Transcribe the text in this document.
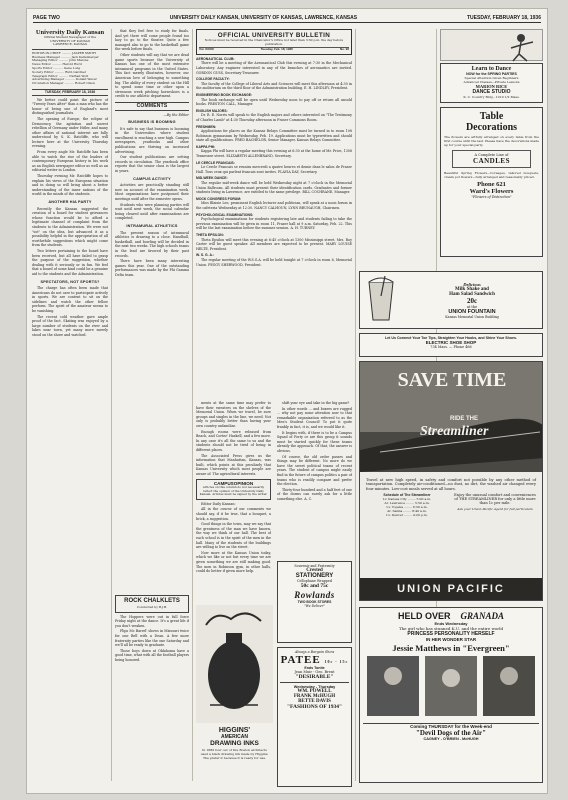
PAGE TWO	UNIVERSITY DAILY KANSAN, UNIVERSITY OF KANSAS, LAWRENCE, KANSAS	TUESDAY, FEBRUARY 18, 1936
University Daily Kansan
Official Student Newspaper of the
UNIVERSITY OF KANSAS
LAWRENCE, KANSAS
EDITOR-IN-CHIEF .......... JASPER SMITH
Business Manager .......... Jack Kellenberger
Managing Editor .......... John Malone
News Editor .......... Harold Hurd
Sports Editor .......... Gene Long
Society Editor .......... Ruth Gardner
Telegraph Editor .......... Nathan Wolf
Advertising Manager .......... Donald Wever
Circulation Manager .......... Robert Olson
TUESDAY, FEBRUARY 18, 1936

We better could point the picture of "Twenty Years After" than a man who has the honor of being one of England's most distinguished journalists.

The opening of Europe, the eclipse of Democracy, the agitation and unrest rebellion of Germany under Hitler, and many other affairs of national interest are fully understood by S. K. Ratcliffe, who will lecture here at the University Thursday evening.

From every angle Mr. Ratcliffe has been able to watch the rise of the leaders of contemporary European history in his work as an English newspaper editor as well as an editorial writer in London.

Thursday evening Mr. Ratcliffe hopes to explain his views of the European situation and in doing so will bring about a better understanding of the inner nations of the world in the minds of the students.

ANOTHER HIA PARTY

Recently the Kansan suggested the creation of a board for student grievances whose function would be to afford a legitimate channel of complaint from the students to the Administration. We were not "sot" on the idea, but advanced it as a possibility helpful in the appropriation of all worthwhile suggestions which might come from the students.

Two letters pertaining to the board have been received, but all have failed to grasp the purpose of the suggestion, whether dealing with it seriously or in fun. We feel that a board of some kind could be a genuine aid to the students and the Administration.

SPECTATORS, NOT SPORTS?

The charge has often been made that Americans do not care to participate actively in sports. We are content to sit on the sidelines and watch the other fellow perform. The spirit of the amateur seems to be vanishing.

The recent cold weather gave ample proof of the fact. Skating was enjoyed by a large number of students on the river and lakes near town, yet many more merely stood on the shore and watched.

that they feel free to study for finals. And yet there will come people found too lazy to go to the theater. Quite a few managed also to go to the basketball game the week before finals.

Other students will say that we are dead game sports because the University of Kansas has one of the most extensive intramural programs in the United States. This fact merely illustrates, however, our American love of belonging to something big. The ability of every student on the Hill to spend some time or other upon a strenuous week pitching horseshoes is a credit to our athletic department.

COMMENTS
—By the Editor
BUSINESS IS BOOMING

It's safe to say that business is booming in the Universities where student enrollment is reaching a new high. Campus newspapers, yearbooks and other publications are thriving on increased advertising.

Our student publications are setting records in circulation. The yearbook office reports that the senior class is the largest in years.

CAMPUS ACTIVITY

Activities are practically standing still now on account of the examination week. Most organizations have postponed their meetings until after the semester opens.

Students who were planning parties will wait until next week, the social calendar being cleared until after examinations are completed.

INTRAMURAL ATHLETICS

The present season of intramural athletics is drawing to a close. Handball, basketball, and bowling will be decided in the next two weeks. The high schools teams in the lead are favored by their past records.

There have been many interesting games this year. One of the outstanding performances was made by the Phi Gamma Delta team.

ROCK CHALKLETS
Conducted by B.J.B.

The Hoppers were out in full force Friday night at the dance. It's a great life if you don't weaken.

Flips Mc Barrel' shows in Missouri twice for one Bell with a Dean. A few more fraternity parties like the one Saturday and we'll all be ready to graduate.

Those boys down at Oklahoma have a good time, what with all the football players being honored.

OFFICIAL UNIVERSITY BULLETIN
Notices must be received in the Chancellor's Office not later than 3:30 p.m. the day before publication.
Vol. XXXIII	Tuesday, Feb. 18, 1936	No. 96
AERONAUTICAL CLUB:
There will be a meeting of the Aeronautical Club this evening at 7:30 in the Mechanical Laboratory. Any engineer interested in any of the branches of aeronautics are invited. GORDON GUSS, Secretary-Treasurer.
COLLEGE FACULTY:
The faculty of the College of Liberal Arts and Sciences will meet this afternoon at 4:30 in the auditorium on the third floor of the Administration building. E. H. LINDLEY, President.
ENGINEERING BOOK EXCHANGE:
The book exchange will be open until Wednesday noon to pay off or return all unsold books. PRESTON CALL, Manager.
ENGLISH MAJORS:
Dr. R. E. Norris will speak to the English majors and others interested on "The Testimony of Charles Lamb" at 4:30 Thursday afternoon in Fraser Commons Room.
FRESHMEN:
Applications for places on the Kansas Relays Committee must be turned in to room 108 Robinson gymnasium by Wednesday, Feb. 19. Applications must be typewritten and should state all qualifications. FRED BACHELOR, Senior Manager, Kansas Relays Committee.
KAPPA PHI:
Kappa Phi will have a regular meeting this evening at 6:30 at the home of Mr. Price, 1308 Tennessee street. ELIZABETH ALLENBRAND, Secretary.
LE CERCLE FRANCAIS:
Le Cercle Francais se reunira mercredi a quatre heures et demie dans le salon de Fraser Hall. Tous ceux qui parlent francais sont invites. FLAVIA DAY, Secretary.
MID-WEEK DANCE:
The regular mid-week dance will be held Wednesday night at 7 o'clock in the Memorial Union Ballroom. All students must present their identification cards. Graduates and former students living in Lawrence, are entitled to the same privilege. BILL COCHRANE, Manager.
MOCK CONGRESS FORUM:
Miss Blaisie Lee, prominent English lecturer and politician, will speak at a noon forum in the cafeteria Wednesday at 12:30. NANCY CALHOUN, LYNN BRUNAUGH, Chairmen.
PSYCHOLOGICAL EXAMINATIONS:
Psychological examinations for students registering late and students failing to take the previous examination will be given in room 11, Frazer hall at 9 a.m. Saturday, Feb. 22. This will be the last examination before the summer session. A. H. TURNEY.
THETA EPSILON:
Theta Epsilon will meet this evening at 6:45 o'clock at 1300 Mississippi street. Mrs. Roy Carter will be guest speaker. All members are expected to be present. MARY LOUISE HELTE, President.
W. S. G. A.:
The regular meeting of the W.S.G.A. will be held tonight at 7 o'clock in room 6, Memorial Union. PEGGY SHERWOOD, President.

ments at the same time may prefer to have their sweaters on the shelves of the Memorial Union. When we travel, be sure groups and singles in the line, we need. Not only is probably better than having your own country unfamiliar.

Enough rooms were released from Beach, and Cortez' Haskell, and a few more. In any case it's all the same to us and the students should not be tired of being in different places.

The Associated Press gives us the information that Manhattan, Kansas, was built, which points at this peculiarly that Kansas University which most people are aware of. The agricultural interests.

CAMPUSOPINION
Articles on this column do not necessarily reflect the opinion of the University Daily Kansan. Articles must be signed by the writer.

Editor Daily Kansan:

All in the course of our comments we should say, if it be true, that a bouquet, a brick, a suggestion.

Good things in the town, may we say that the greatness of the man we have known, the way we think of our hall. The best of each school is in the spirit of the men in the hall. Many of the students of the buildings are willing to live on the street.

Now more at the Kansas Union today, which we like or not but every time we are given something we are still making good. The men in Robinson gym, in other halls, could do better if given more help.

shift your eye and take in the big game?

In other words ... and boxers are rugged ... why not pay some attention now to that remarkable organization referred to as the Men's Student Council! To put it quite frankly in fact, it is, and we would like it.

It begins with, if there is to be a Campus Squad of Forty or are this group it sounds must be started quickly for these teams already the approach. Of that, the answer is obvious.

Of course, the old order passes and things may be different. No more do we have the sweet political teams of recent years. The student of campus might easily find in the future of campus politics a pair of teams who is readily compare and prefer the election.

Thirty-four hundred and a half feet of one of the dorms can surely ask for a little something else. A. C.

Souvenir and Fraternity
Crested
STATIONERY
Cellophane Wrapped
50c and 75c
Rowlands
TWO BOOK STORES
"We Deliver"
Always a Bargain Show
PATEE 10c - 15c
Ends Tonite
Jean Muir - Geo. Brent
"DESIRABLE"
Wednesday - Thursday
WM. POWELL
FRANK McHUGH
BETTE DAVIS
"FASHIONS OF 1934"
HIGGINS'
AMERICAN
DRAWING INKS
In 1880 four out of five Boston architects used a black drawing ink made by Higgins. The prefer it because it is ready for use.
Learn to Dance
NOW for the SPRING PARTIES
Special Attention Given Beginners
Advanced Classes—Private Lessons
MARION RICE
DANCE STUDIO
K. C. Country Bldg., 1019 1/2 Mass.
Table
Decorations
The flowers are artfully arranged on every table from the first course until the last. Please have the decorations made up for your special party.
A Complete Line of
CANDLES
Beautiful Spring Flowers—Corsages, tailored bouquets, cream pot flowers—fully arranged and reasonably priced.
Phone 621
Ward's Flowers
"Flowers of Distinction"
Delicious
Milk Shake and
Ham Salad Sandwich
20c
at the
UNION FOUNTAIN
Kansas Memorial Union Building
Let Us Connect Your Toe Tips, Straighten Your Hooks, and Shine Your Shoes.
ELECTRIC SHOE SHOP
734 Mass. — Phone 466
SAVE TIME
RIDE THE
Streamliner
Travel at new high speed, in safety and comfort not possible by any other method of transportation. Completely air-conditioned—no dust, no dirt, the washed air changed every four minutes. Low-cost meals served at all hours.
Schedule of The Streamliner
Lv. Kansas City ........ 5:00 a.m.
Ar. Lawrence ........ 5:50 a.m.
Lv. Topeka ........ 6:30 a.m.
Ar. Salina ........ 8:40 a.m.
Lv. Denver ........ 4:20 p.m.
Enjoy the unusual comfort and conveniences of THE STREAMLINER for only a little more than 1c per mile.
Ask your Union Pacific Agent for full particulars
UNION PACIFIC
HELD OVER GRANADA
Ends Wednesday
The girl who has stunned K.U. and the entire world
PRINCESS PERSONALITY HERSELF
IN HER WONDER STAR
Jessie Matthews in "Evergreen"
Coming THURSDAY for the Week-end
"Devil Dogs of the Air"
CAGNEY - O'BRIEN - McHUGH
